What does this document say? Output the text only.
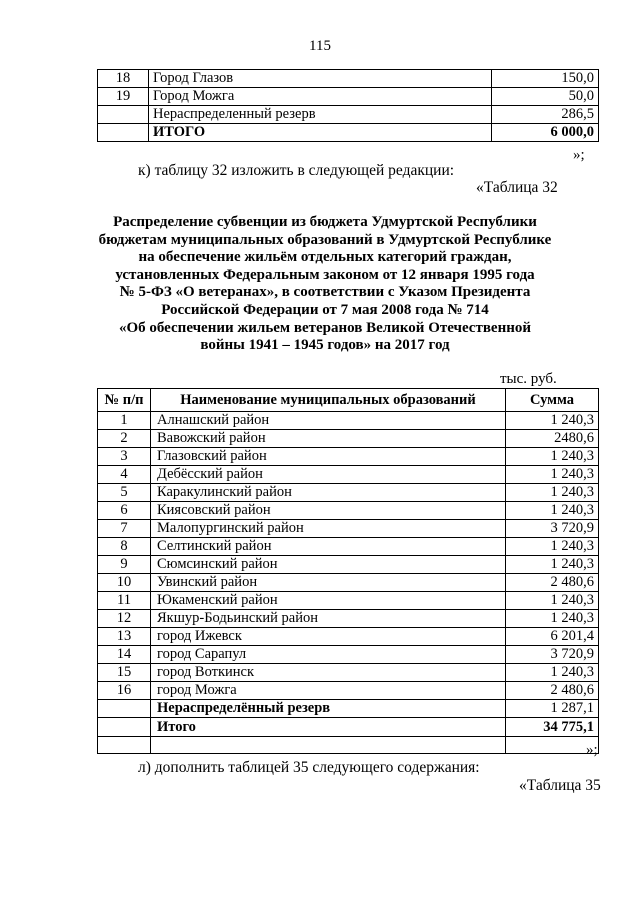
115
18	Город Глазов	150,0
19	Город Можга	50,0
	Нераспределенный резерв	286,5
	ИТОГО	6 000,0
»;
к) таблицу 32 изложить в следующей редакции:
«Таблица 32
Распределение субвенции из бюджета Удмуртской Республики
бюджетам муниципальных образований в Удмуртской Республике
на обеспечение жильём отдельных категорий граждан,
установленных Федеральным законом от 12 января 1995 года
№ 5-ФЗ «О ветеранах», в соответствии с Указом Президента
Российской Федерации от 7 мая 2008 года № 714
«Об обеспечении жильем ветеранов Великой Отечественной
войны 1941 – 1945 годов» на 2017 год
тыс. руб.
№ п/п	Наименование муниципальных образований	Сумма
1	Алнашский район	1 240,3
2	Вавожский район	2480,6
3	Глазовский район	1 240,3
4	Дебёсский район	1 240,3
5	Каракулинский район	1 240,3
6	Киясовский район	1 240,3
7	Малопургинский район	3 720,9
8	Селтинский район	1 240,3
9	Сюмсинский район	1 240,3
10	Увинский район	2 480,6
11	Юкаменский район	1 240,3
12	Якшур-Бодьинский район	1 240,3
13	город Ижевск	6 201,4
14	город Сарапул	3 720,9
15	город Воткинск	1 240,3
16	город Можга	2 480,6
	Нераспределённый резерв	1 287,1
	Итого	34 775,1

»;
л) дополнить таблицей 35 следующего содержания:
«Таблица 35
